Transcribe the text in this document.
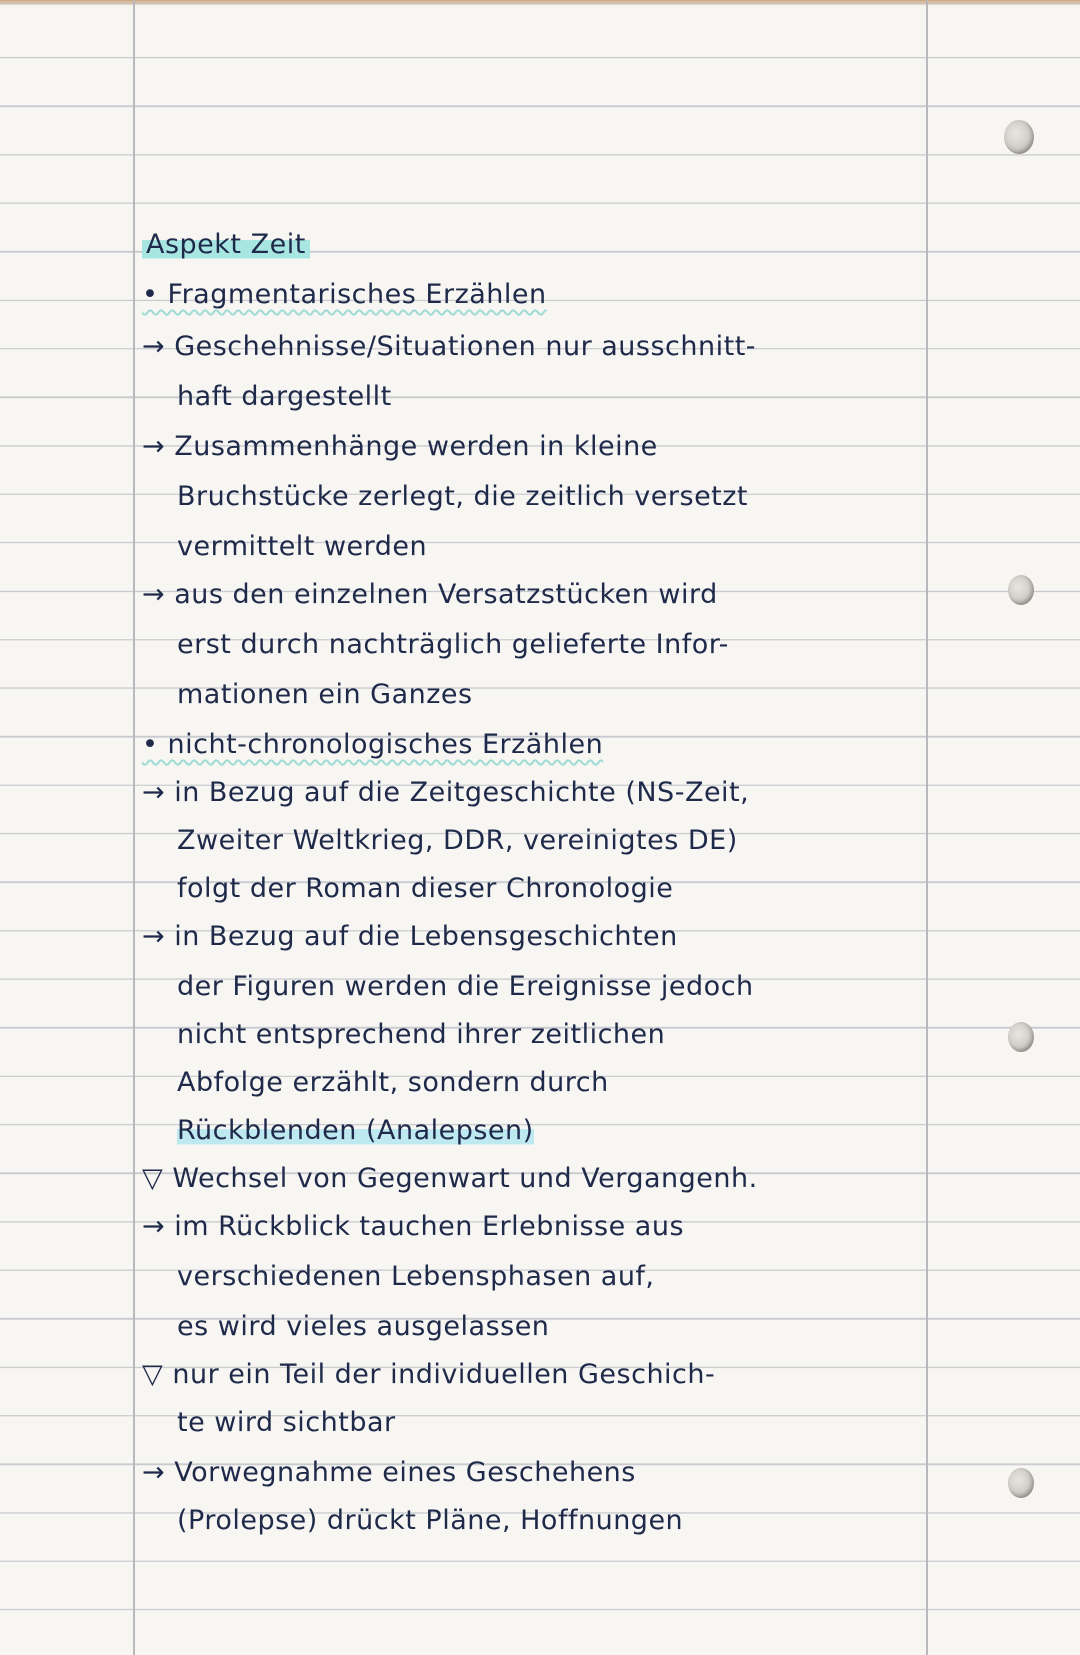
Aspekt Zeit
• Fragmentarisches Erzählen
→ Geschehnisse/Situationen nur ausschnitt-
haft dargestellt
→ Zusammenhänge werden in kleine
Bruchstücke zerlegt, die zeitlich versetzt
vermittelt werden
→ aus den einzelnen Versatzstücken wird
erst durch nachträglich gelieferte Infor-
mationen ein Ganzes
• nicht-chronologisches Erzählen
→ in Bezug auf die Zeitgeschichte (NS-Zeit,
Zweiter Weltkrieg, DDR, vereinigtes DE)
folgt der Roman dieser Chronologie
→ in Bezug auf die Lebensgeschichten
der Figuren werden die Ereignisse jedoch
nicht entsprechend ihrer zeitlichen
Abfolge erzählt, sondern durch
Rückblenden (Analepsen)
▽ Wechsel von Gegenwart und Vergangenh.
→ im Rückblick tauchen Erlebnisse aus
verschiedenen Lebensphasen auf,
es wird vieles ausgelassen
▽ nur ein Teil der individuellen Geschich-
te wird sichtbar
→ Vorwegnahme eines Geschehens
(Prolepse) drückt Pläne, Hoffnungen
